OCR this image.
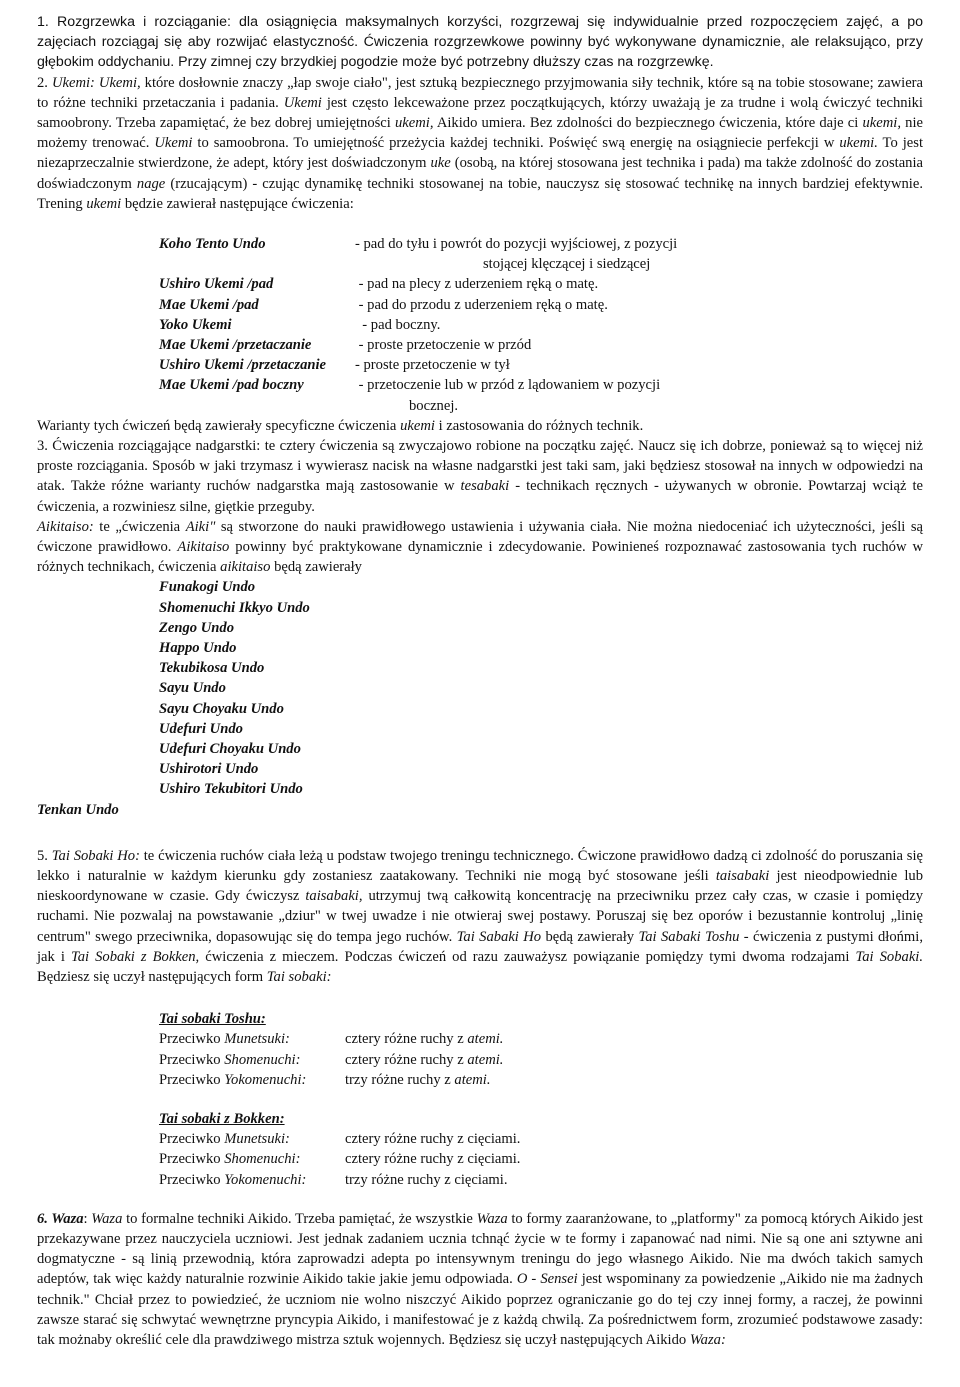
1. Rozgrzewka i rozciąganie: dla osiągnięcia maksymalnych korzyści, rozgrzewaj się indywidualnie przed rozpoczęciem zajęć, a po zajęciach rozciągaj się aby rozwijać elastyczność. Ćwiczenia rozgrzewkowe powinny być wykonywane dynamicznie, ale relaksująco, przy głębokim oddychaniu. Przy zimnej czy brzydkiej pogodzie może być potrzebny dłuższy czas na rozgrzewkę.

2. Ukemi: Ukemi, które dosłownie znaczy „łap swoje ciało", jest sztuką bezpiecznego przyjmowania siły technik, które są na tobie stosowane; zawiera to różne techniki przetaczania i padania. Ukemi jest często lekceważone przez początkujących, którzy uważają je za trudne i wolą ćwiczyć techniki samoobrony. Trzeba zapamiętać, że bez dobrej umiejętności ukemi, Aikido umiera. Bez zdolności do bezpiecznego ćwiczenia, które daje ci ukemi, nie możemy trenować. Ukemi to samoobrona. To umiejętność przeżycia każdej techniki. Poświęć swą energię na osiągniecie perfekcji w ukemi. To jest niezaprzeczalnie stwierdzone, że adept, który jest doświadczonym uke (osobą, na której stosowana jest technika i pada) ma także zdolność do zostania doświadczonym nage (rzucającym) - czując dynamikę techniki stosowanej na tobie, nauczysz się stosować technikę na innych bardziej efektywnie. Trening ukemi będzie zawierał następujące ćwiczenia:

Koho Tento Undo	- pad do tyłu i powrót do pozycji wyjściowej, z pozycji
stojącej klęczącej i siedzącej

Ushiro Ukemi /pad	- pad na plecy z uderzeniem ręką o matę.
Mae Ukemi /pad	- pad do przodu z uderzeniem ręką o matę.
Yoko Ukemi	- pad boczny.
Mae Ukemi /przetaczanie	- proste przetoczenie w przód
Ushiro Ukemi /przetaczanie	- proste przetoczenie w tył
Mae Ukemi /pad boczny	- przetoczenie lub w przód z lądowaniem w pozycji
bocznej.

Warianty tych ćwiczeń będą zawierały specyficzne ćwiczenia ukemi i zastosowania do różnych technik.

3. Ćwiczenia rozciągające nadgarstki: te cztery ćwiczenia są zwyczajowo robione na początku zajęć. Naucz się ich dobrze, ponieważ są to więcej niż proste rozciągania. Sposób w jaki trzymasz i wywierasz nacisk na własne nadgarstki jest taki sam, jaki będziesz stosował na innych w odpowiedzi na atak. Także różne warianty ruchów nadgarstka mają zastosowanie w tesabaki - technikach ręcznych - używanych w obronie. Powtarzaj wciąż te ćwiczenia, a rozwiniesz silne, giętkie przeguby.

Aikitaiso: te „ćwiczenia Aiki" są stworzone do nauki prawidłowego ustawienia i używania ciała. Nie można niedoceniać ich użyteczności, jeśli są ćwiczone prawidłowo. Aikitaiso powinny być praktykowane dynamicznie i zdecydowanie. Powinieneś rozpoznawać zastosowania tych ruchów w różnych technikach, ćwiczenia aikitaiso będą zawierały

Funakogi Undo
Shomenuchi Ikkyo Undo
Zengo Undo
Happo Undo
Tekubikosa Undo
Sayu Undo
Sayu Choyaku Undo
Udefuri Undo
Udefuri Choyaku Undo
Ushirotori Undo
Ushiro Tekubitori Undo
Tenkan Undo

5. Tai Sobaki Ho: te ćwiczenia ruchów ciała leżą u podstaw twojego treningu technicznego. Ćwiczone prawidłowo dadzą ci zdolność do poruszania się lekko i naturalnie w każdym kierunku gdy zostaniesz zaatakowany. Techniki nie mogą być stosowane jeśli taisabaki jest nieodpowiednie lub nieskoordynowane w czasie. Gdy ćwiczysz taisabaki, utrzymuj twą całkowitą koncentrację na przeciwniku przez cały czas, w czasie i pomiędzy ruchami. Nie pozwalaj na powstawanie „dziur" w twej uwadze i nie otwieraj swej postawy. Poruszaj się bez oporów i bezustannie kontroluj „linię centrum" swego przeciwnika, dopasowując się do tempa jego ruchów. Tai Sabaki Ho będą zawierały Tai Sabaki Toshu - ćwiczenia z pustymi dłońmi, jak i Tai Sobaki z Bokken, ćwiczenia z mieczem. Podczas ćwiczeń od razu zauważysz powiązanie pomiędzy tymi dwoma rodzajami Tai Sobaki. Będziesz się uczył następujących form Tai sobaki:

Tai sobaki Toshu:
Przeciwko Munetsuki:	cztery różne ruchy z atemi.
Przeciwko Shomenuchi:	cztery różne ruchy z atemi.
Przeciwko Yokomenuchi:	trzy różne ruchy z atemi.
Tai sobaki z Bokken:
Przeciwko Munetsuki:	cztery różne ruchy z cięciami.
Przeciwko Shomenuchi:	cztery różne ruchy z cięciami.
Przeciwko Yokomenuchi:	trzy różne ruchy z cięciami.

6. Waza: Waza to formalne techniki Aikido. Trzeba pamiętać, że wszystkie Waza to formy zaaranżowane, to „platformy" za pomocą których Aikido jest przekazywane przez nauczyciela uczniowi. Jest jednak zadaniem ucznia tchnąć życie w te formy i zapanować nad nimi. Nie są one ani sztywne ani dogmatyczne - są linią przewodnią, która zaprowadzi adepta po intensywnym treningu do jego własnego Aikido. Nie ma dwóch takich samych adeptów, tak więc każdy naturalnie rozwinie Aikido takie jakie jemu odpowiada. O - Sensei jest wspominany za powiedzenie „Aikido nie ma żadnych technik." Chciał przez to powiedzieć, że uczniom nie wolno niszczyć Aikido poprzez ograniczanie go do tej czy innej formy, a raczej, że powinni zawsze starać się schwytać wewnętrzne pryncypia Aikido, i manifestować je z każdą chwilą. Za pośrednictwem form, zrozumieć podstawowe zasady: tak możnaby określić cele dla prawdziwego mistrza sztuk wojennych. Będziesz się uczył następujących Aikido Waza:
